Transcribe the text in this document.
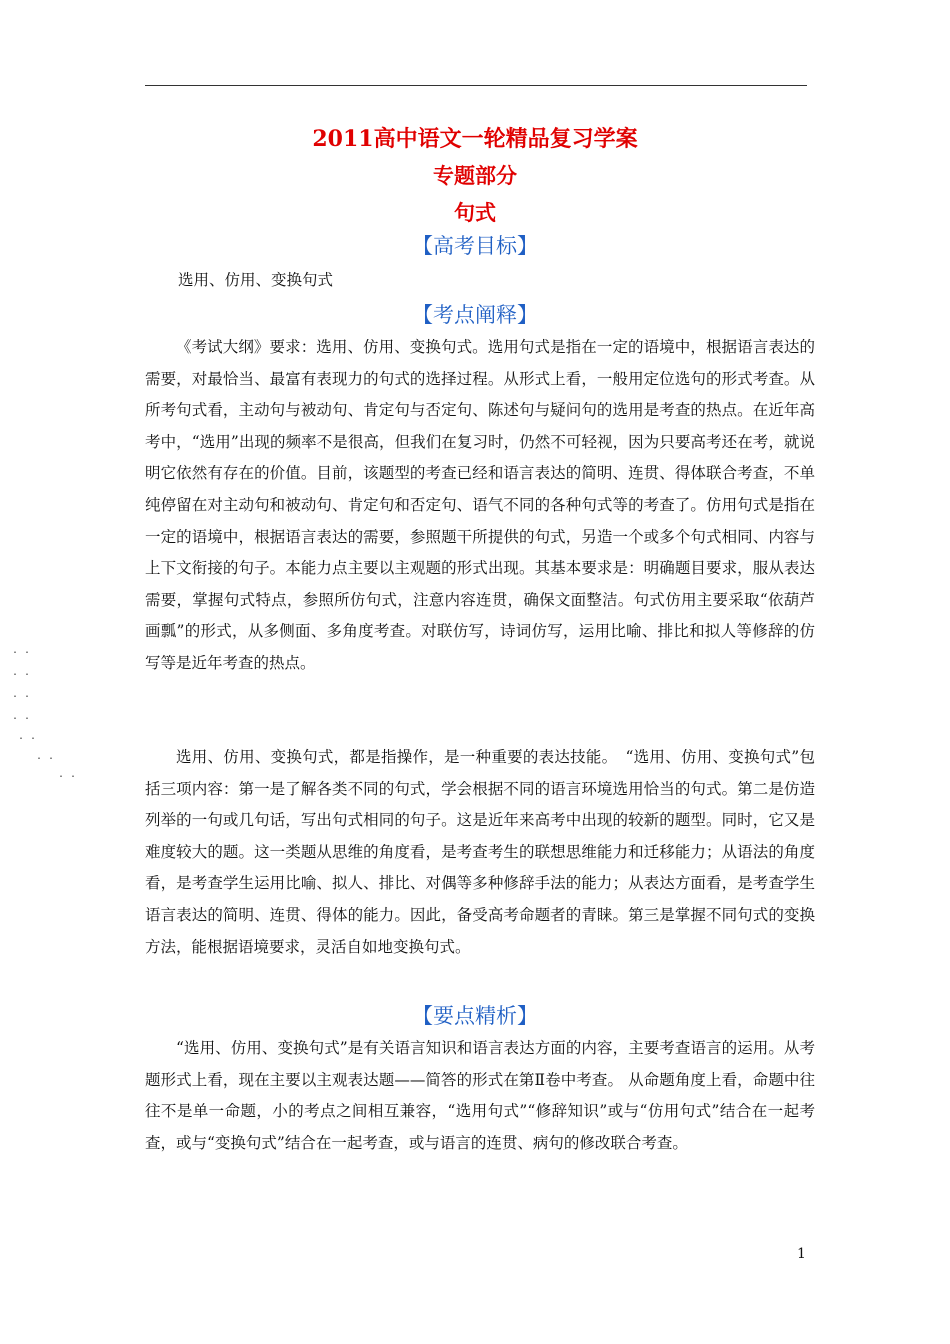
2011高中语文一轮精品复习学案
专题部分
句式
【高考目标】
选用、仿用、变换句式
【考点阐释】

《考试大纲》要求：选用、仿用、变换句式。选用句式是指在一定的语境中，根据语言表达的需要，对最恰当、最富有表现力的句式的选择过程。从形式上看，一般用定位选句的形式考查。从所考句式看，主动句与被动句、肯定句与否定句、陈述句与疑问句的选用是考查的热点。在近年高考中，“选用”出现的频率不是很高，但我们在复习时，仍然不可轻视，因为只要高考还在考，就说明它依然有存在的价值。目前，该题型的考查已经和语言表达的简明、连贯、得体联合考查，不单纯停留在对主动句和被动句、肯定句和否定句、语气不同的各种句式等的考查了。仿用句式是指在一定的语境中，根据语言表达的需要，参照题干所提供的句式，另造一个或多个句式相同、内容与上下文衔接的句子。本能力点主要以主观题的形式出现。其基本要求是：明确题目要求，服从表达需要，掌握句式特点，参照所仿句式，注意内容连贯，确保文面整洁。句式仿用主要采取“依葫芦画瓢”的形式，从多侧面、多角度考查。对联仿写，诗词仿写，运用比喻、排比和拟人等修辞的仿写等是近年考查的热点。

选用、仿用、变换句式，都是指操作，是一种重要的表达技能。　“选用、仿用、变换句式”包括三项内容：第一是了解各类不同的句式，学会根据不同的语言环境选用恰当的句式。第二是仿造列举的一句或几句话，写出句式相同的句子。这是近年来高考中出现的较新的题型。同时，它又是难度较大的题。这一类题从思维的角度看，是考查考生的联想思维能力和迁移能力；从语法的角度看，是考查学生运用比喻、拟人、排比、对偶等多种修辞手法的能力；从表达方面看，是考查学生语言表达的简明、连贯、得体的能力。因此，备受高考命题者的青睐。第三是掌握不同句式的变换方法，能根据语境要求，灵活自如地变换句式。

【要点精析】

“选用、仿用、变换句式”是有关语言知识和语言表达方面的内容，主要考查语言的运用。从考题形式上看，现在主要以主观表达题——简答的形式在第Ⅱ卷中考查。 从命题角度上看，命题中往往不是单一命题，小的考点之间相互兼容，“选用句式”“修辞知识”或与“仿用句式”结合在一起考查，或与“变换句式”结合在一起考查，或与语言的连贯、病句的修改联合考查。

. .
. .
. .
. .
. .
. .
. .
1
